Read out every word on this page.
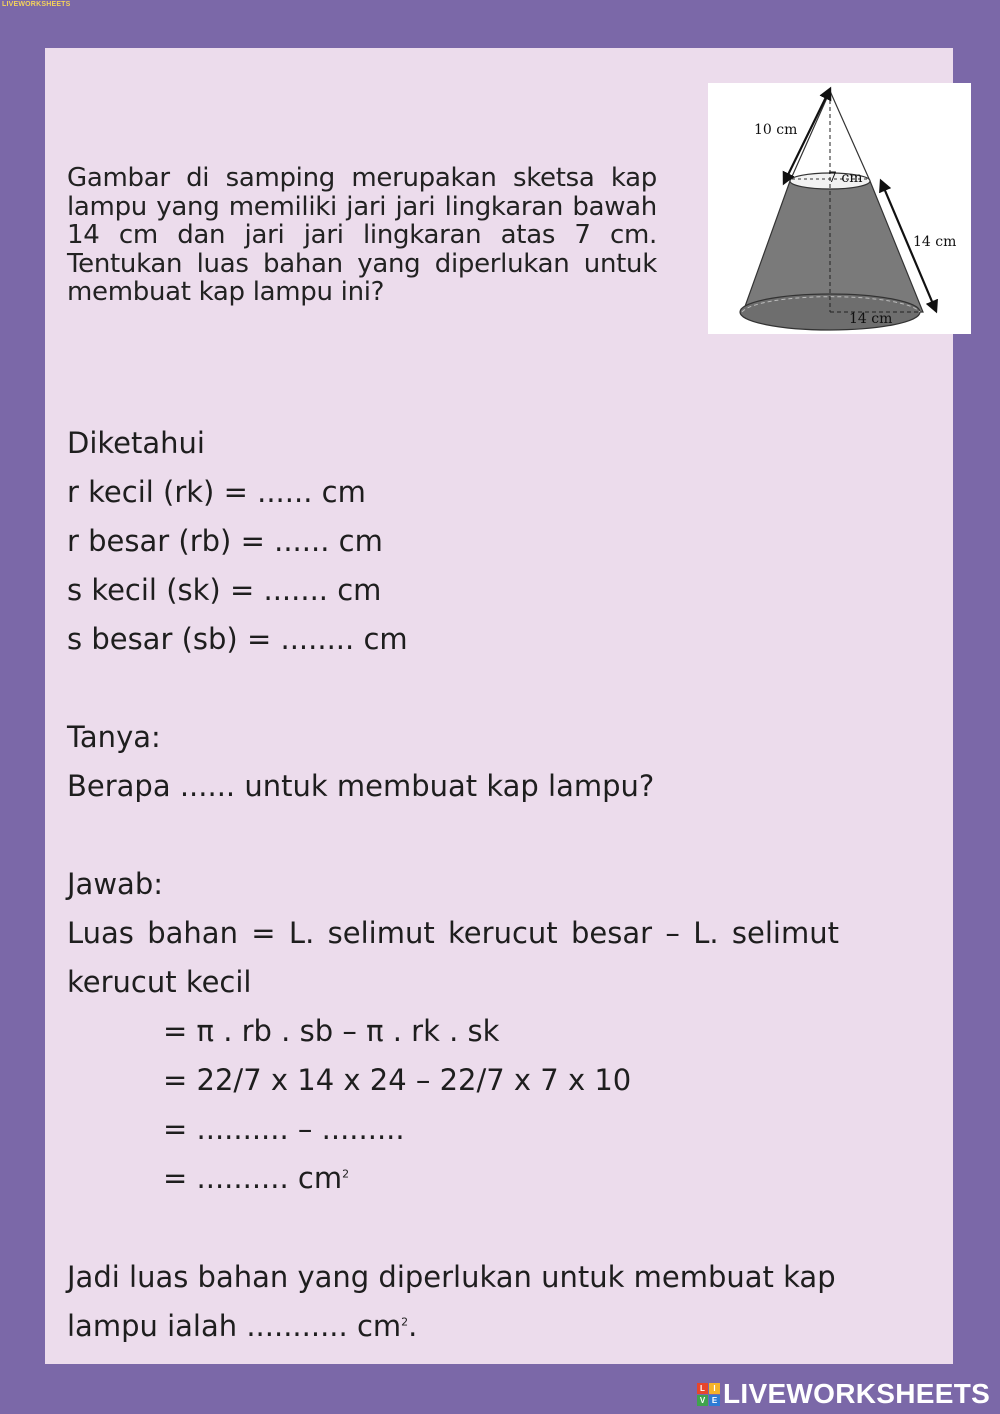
LIVEWORKSHEETS
Gambar di samping merupakan sketsa kap lampu yang memiliki jari jari lingkaran bawah 14 cm dan jari jari lingkaran atas 7 cm. Tentukan luas bahan yang diperlukan untuk membuat kap lampu ini?
10 cm
7 cm
14 cm
14 cm

Diketahui

r kecil (rk) = ...... cm

r besar (rb) = ...... cm

s kecil (sk) = ....... cm

s besar (sb) = ........ cm

Tanya:

Berapa ...... untuk membuat kap lampu?

Jawab:

Luas bahan = L. selimut kerucut besar – L. selimut

kerucut kecil

= π . rb . sb – π . rk . sk

= 22/7 x 14 x 24 – 22/7 x 7 x 10

= .......... – .........

= .......... $cm^2$

Jadi luas bahan yang diperlukan untuk membuat kap

lampu ialah ........... $cm^2$.

L	I
V E LIVEWORKSHEETS
